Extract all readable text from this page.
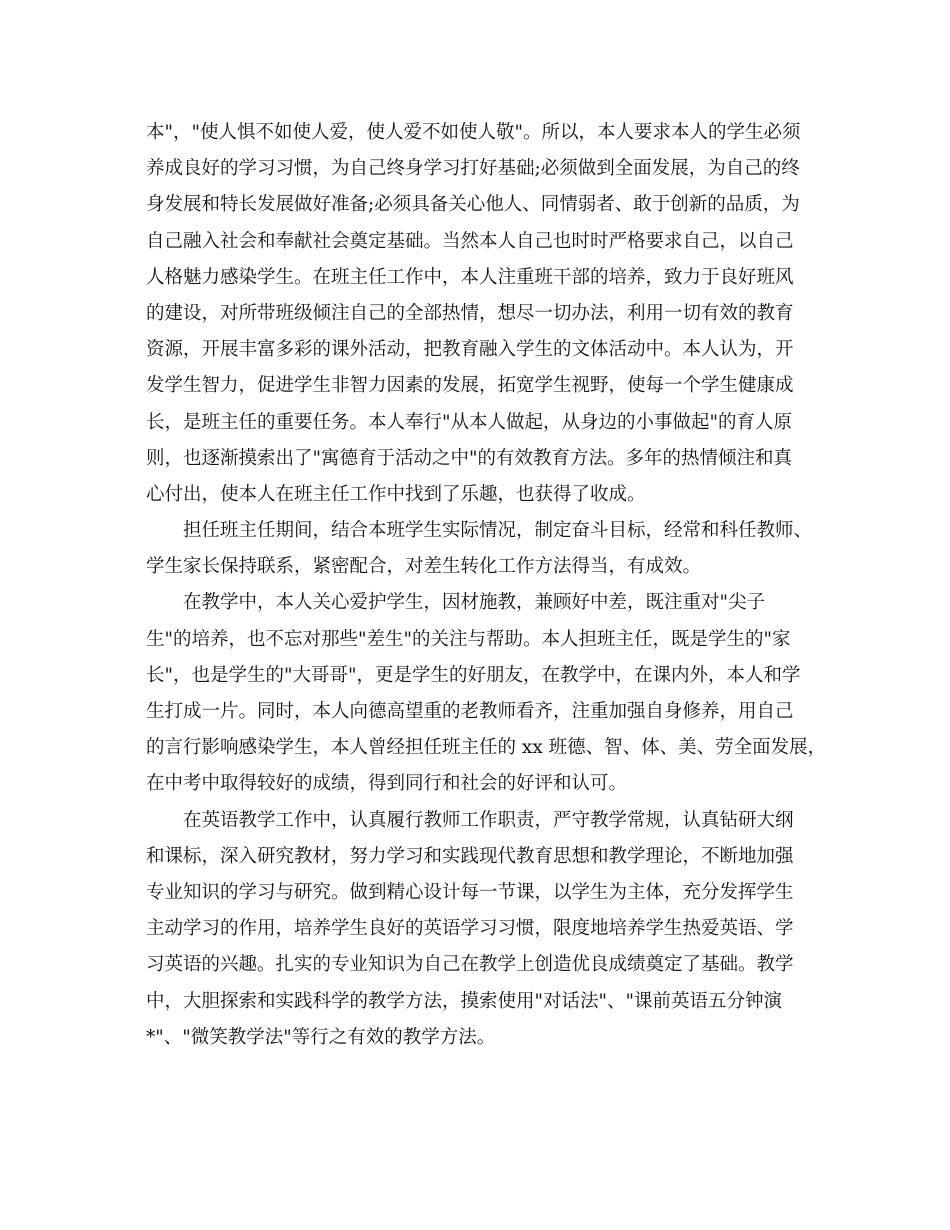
本"，"使人惧不如使人爱，使人爱不如使人敬"。所以，本人要求本人的学生必须
养成良好的学习习惯，为自己终身学习打好基础;必须做到全面发展，为自己的终
身发展和特长发展做好准备;必须具备关心他人、同情弱者、敢于创新的品质，为
自己融入社会和奉献社会奠定基础。当然本人自己也时时严格要求自己，以自己
人格魅力感染学生。在班主任工作中，本人注重班干部的培养，致力于良好班风
的建设，对所带班级倾注自己的全部热情，想尽一切办法，利用一切有效的教育
资源，开展丰富多彩的课外活动，把教育融入学生的文体活动中。本人认为，开
发学生智力，促进学生非智力因素的发展，拓宽学生视野，使每一个学生健康成
长，是班主任的重要任务。本人奉行"从本人做起，从身边的小事做起"的育人原
则，也逐渐摸索出了"寓德育于活动之中"的有效教育方法。多年的热情倾注和真
心付出，使本人在班主任工作中找到了乐趣，也获得了收成。
担任班主任期间，结合本班学生实际情况，制定奋斗目标，经常和科任教师、
学生家长保持联系，紧密配合，对差生转化工作方法得当，有成效。
在教学中，本人关心爱护学生，因材施教，兼顾好中差，既注重对"尖子
生"的培养，也不忘对那些"差生"的关注与帮助。本人担班主任，既是学生的"家
长"，也是学生的"大哥哥"，更是学生的好朋友，在教学中，在课内外，本人和学
生打成一片。同时，本人向德高望重的老教师看齐，注重加强自身修养，用自己
的言行影响感染学生，本人曾经担任班主任的 xx 班德、智、体、美、劳全面发展，
在中考中取得较好的成绩，得到同行和社会的好评和认可。
在英语教学工作中，认真履行教师工作职责，严守教学常规，认真钻研大纲
和课标，深入研究教材，努力学习和实践现代教育思想和教学理论，不断地加强
专业知识的学习与研究。做到精心设计每一节课，以学生为主体，充分发挥学生
主动学习的作用，培养学生良好的英语学习习惯，限度地培养学生热爱英语、学
习英语的兴趣。扎实的专业知识为自己在教学上创造优良成绩奠定了基础。教学
中，大胆探索和实践科学的教学方法，摸索使用"对话法"、"课前英语五分钟演
*"、"微笑教学法"等行之有效的教学方法。
